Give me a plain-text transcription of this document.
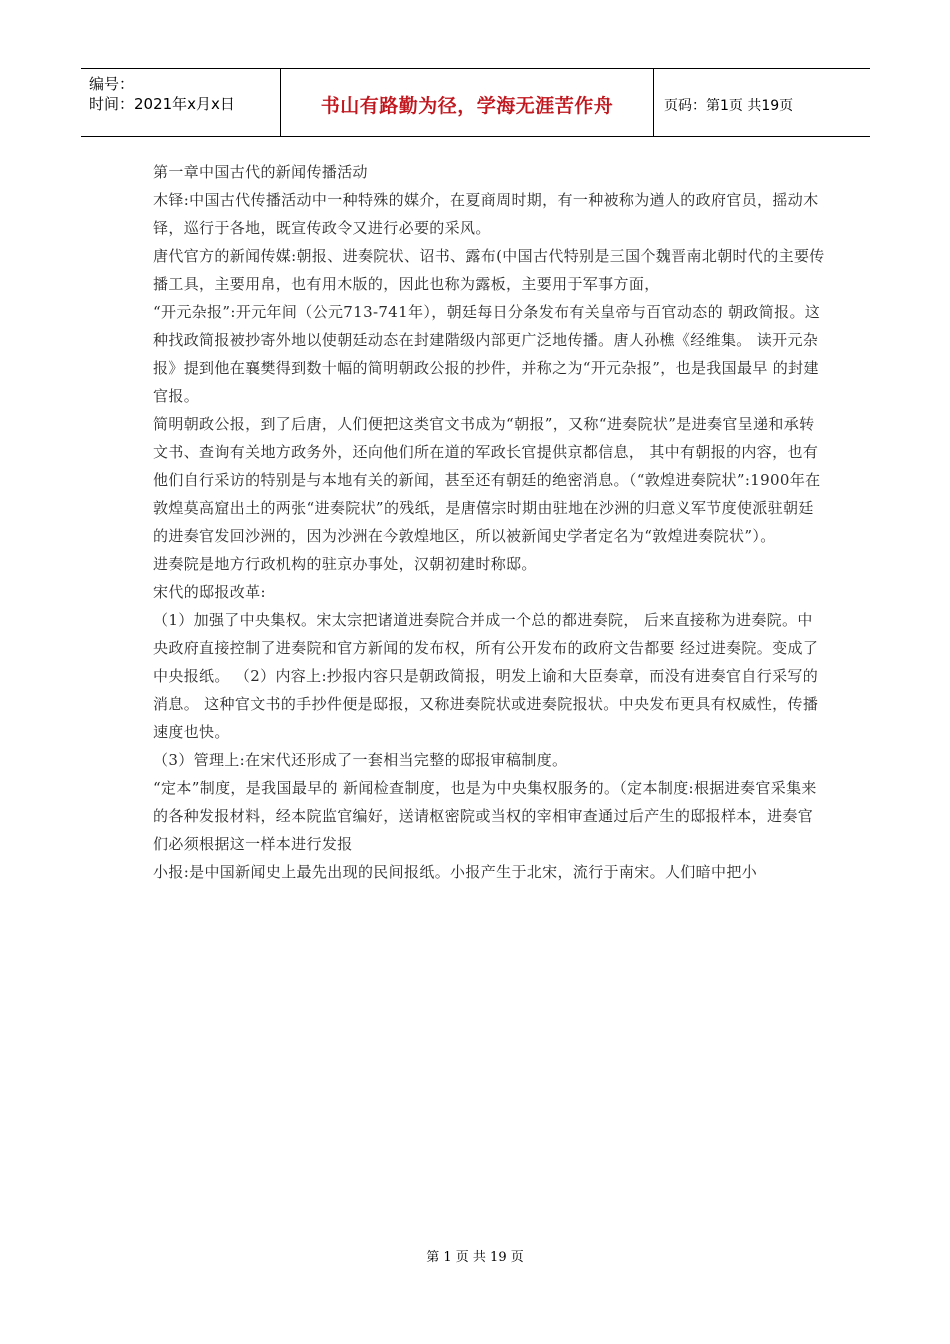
编号：
时间：2021年x月x日	书山有路勤为径，学海无涯苦作舟	页码：第1页 共19页

第一章中国古代的新闻传播活动

木铎:中国古代传播活动中一种特殊的媒介，在夏商周时期，有一种被称为遒人的政府官员，摇动木铎，巡行于各地，既宣传政令又进行必要的采风。

唐代官方的新闻传媒:朝报、进奏院状、诏书、露布(中国古代特别是三国个魏晋南北朝时代的主要传播工具，主要用帛，也有用木版的，因此也称为露板，主要用于军事方面，

“开元杂报”:开元年间（公元713-741年），朝廷每日分条发布有关皇帝与百官动态的 朝政简报。这种找政简报被抄寄外地以使朝廷动态在封建階级内部更广泛地传播。唐人孙樵《经维集。 读开元杂报》提到他在襄樊得到数十幅的简明朝政公报的抄件，并称之为“开元杂报”，也是我国最早 的封建官报。

简明朝政公报，到了后唐，人们便把这类官文书成为“朝报”，又称“进奏院状”是进奏官呈递和承转文书、查询有关地方政务外，还向他们所在道的军政长官提供京都信息， 其中有朝报的内容，也有他们自行采访的特别是与本地有关的新闻，甚至还有朝廷的绝密消息。（“敦煌进奏院状”:1900年在敦煌莫高窟出土的两张“进奏院状”的残纸，是唐僖宗时期由驻地在沙洲的归意义军节度使派驻朝廷的进奏官发回沙洲的，因为沙洲在今敦煌地区，所以被新闻史学者定名为“敦煌进奏院状”）。

进奏院是地方行政机构的驻京办事处，汉朝初建时称邸。

宋代的邸报改革:

（1）加强了中央集权。宋太宗把诸道进奏院合并成一个总的都进奏院， 后来直接称为进奏院。中央政府直接控制了进奏院和官方新闻的发布权，所有公开发布的政府文告都要 经过进奏院。变成了中央报纸。 （2）内容上:抄报内容只是朝政简报，明发上谕和大臣奏章，而没有进奏官自行采写的消息。 这种官文书的手抄件便是邸报，又称进奏院状或进奏院报状。中央发布更具有权威性，传播速度也快。

（3）管理上:在宋代还形成了一套相当完整的邸报审稿制度。

“定本”制度，是我国最早的 新闻检查制度，也是为中央集权服务的。（定本制度:根据进奏官采集来的各种发报材料，经本院监官编好，送请枢密院或当权的宰相审查通过后产生的邸报样本，进奏官们必须根据这一样本进行发报

小报:是中国新闻史上最先出现的民间报纸。小报产生于北宋，流行于南宋。人们暗中把小

第 1 页 共 19 页
